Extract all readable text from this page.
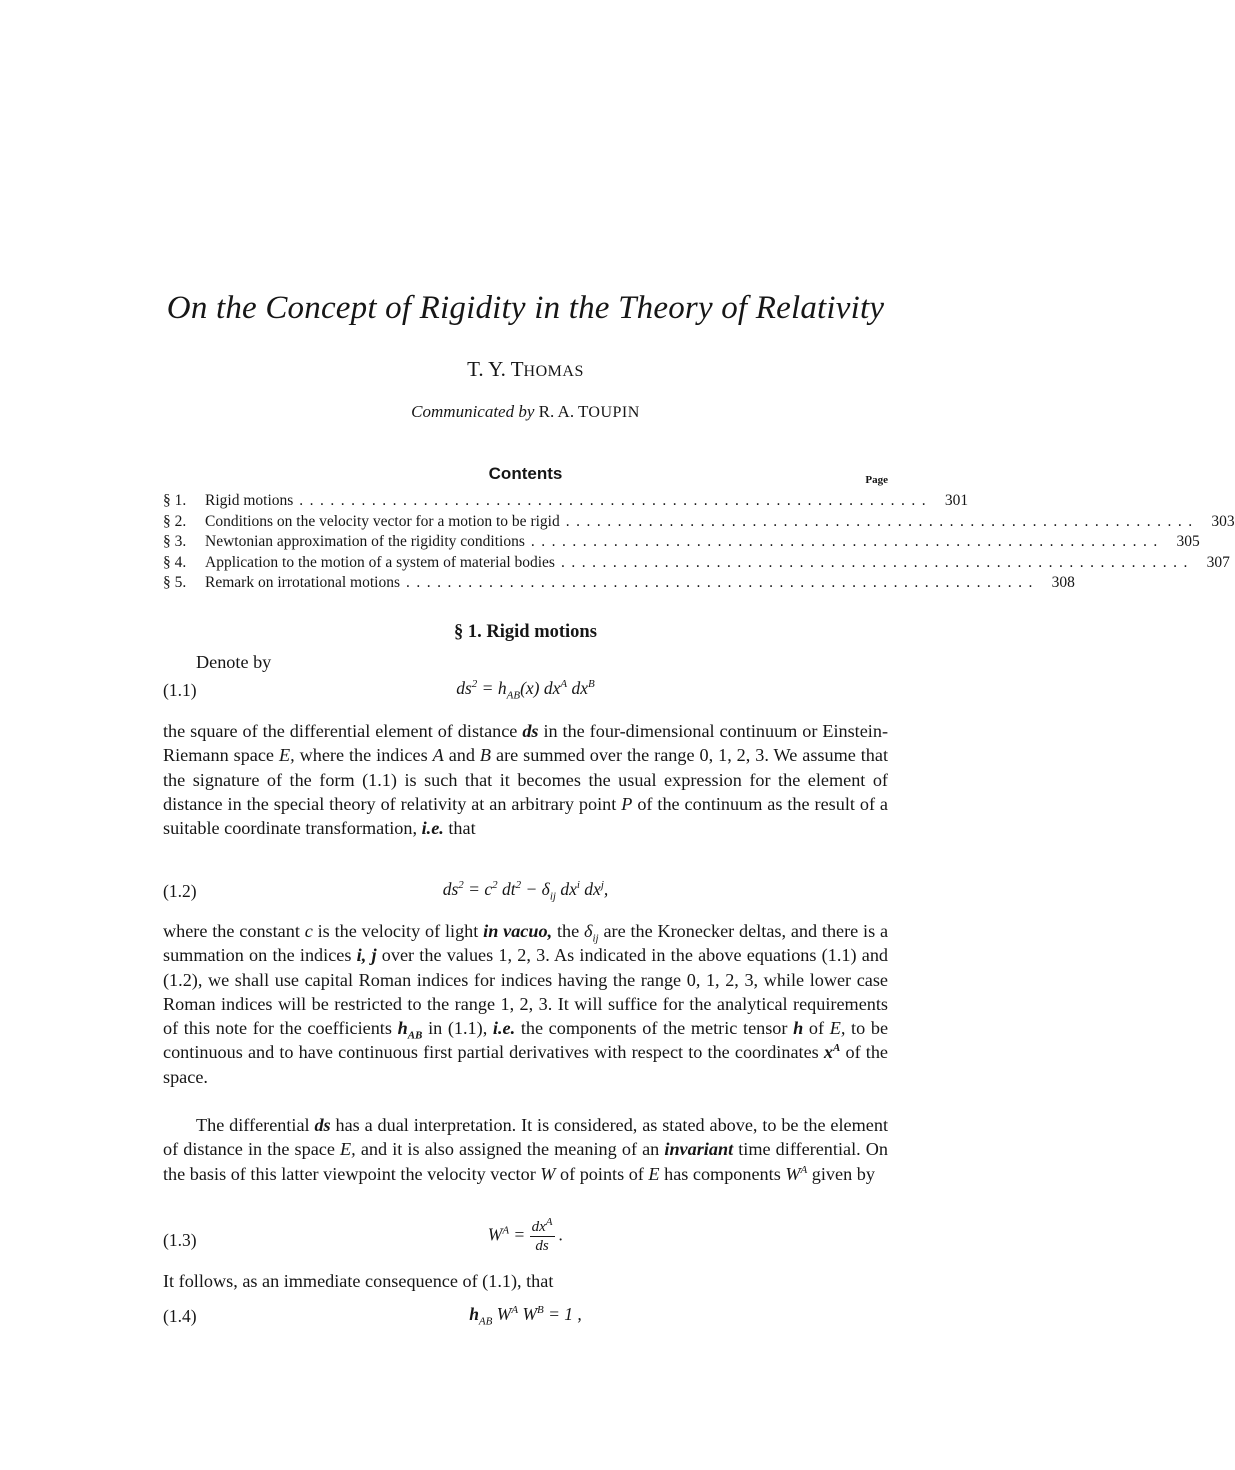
On the Concept of Rigidity in the Theory of Relativity
T. Y. THOMAS
Communicated by R. A. TOUPIN
Contents	Page
§ 1.	Rigid motions ............................................................. 301
§ 2.	Conditions on the velocity vector for a motion to be rigid ............................................................. 303
§ 3.	Newtonian approximation of the rigidity conditions ............................................................. 305
§ 4.	Application to the motion of a system of material bodies ............................................................. 307
§ 5.	Remark on irrotational motions ............................................................. 308
§ 1. Rigid motions

Denote by

(1.1)	$ds^2 = h_{AB}(x)$ $dx^A$ $dx^B$

the square of the differential element of distance ds in the four-dimensional continuum or Einstein-Riemann space E, where the indices A and B are summed over the range 0, 1, 2, 3. We assume that the signature of the form (1.1) is such that it becomes the usual expression for the element of distance in the special theory of relativity at an arbitrary point P of the continuum as the result of a suitable coordinate transformation, i.e. that

(1.2)	$ds^2 = c^2$ $dt^2 - \delta_{ij}$ $dx^i$ $dx^j$,

where the constant c is the velocity of light in vacuo, the $\delta_{ij}$ are the Kronecker deltas, and there is a summation on the indices i, j over the values 1, 2, 3. As indicated in the above equations (1.1) and (1.2), we shall use capital Roman indices for indices having the range 0, 1, 2, 3, while lower case Roman indices will be restricted to the range 1, 2, 3. It will suffice for the analytical requirements of this note for the coefficients $h_{AB}$ in (1.1), i.e. the components of the metric tensor h of E, to be continuous and to have continuous first partial derivatives with respect to the coordinates $x^A$ of the space.

The differential ds has a dual interpretation. It is considered, as stated above, to be the element of distance in the space E, and it is also assigned the meaning of an invariant time differential. On the basis of this latter viewpoint the velocity vector W of points of E has components $W^A$ given by

(1.3)	$W^A = \frac{dx^A}{ds}$ .

It follows, as an immediate consequence of (1.1), that

(1.4)	$h_{AB}$ $W^A$ $W^B = 1$ ,
